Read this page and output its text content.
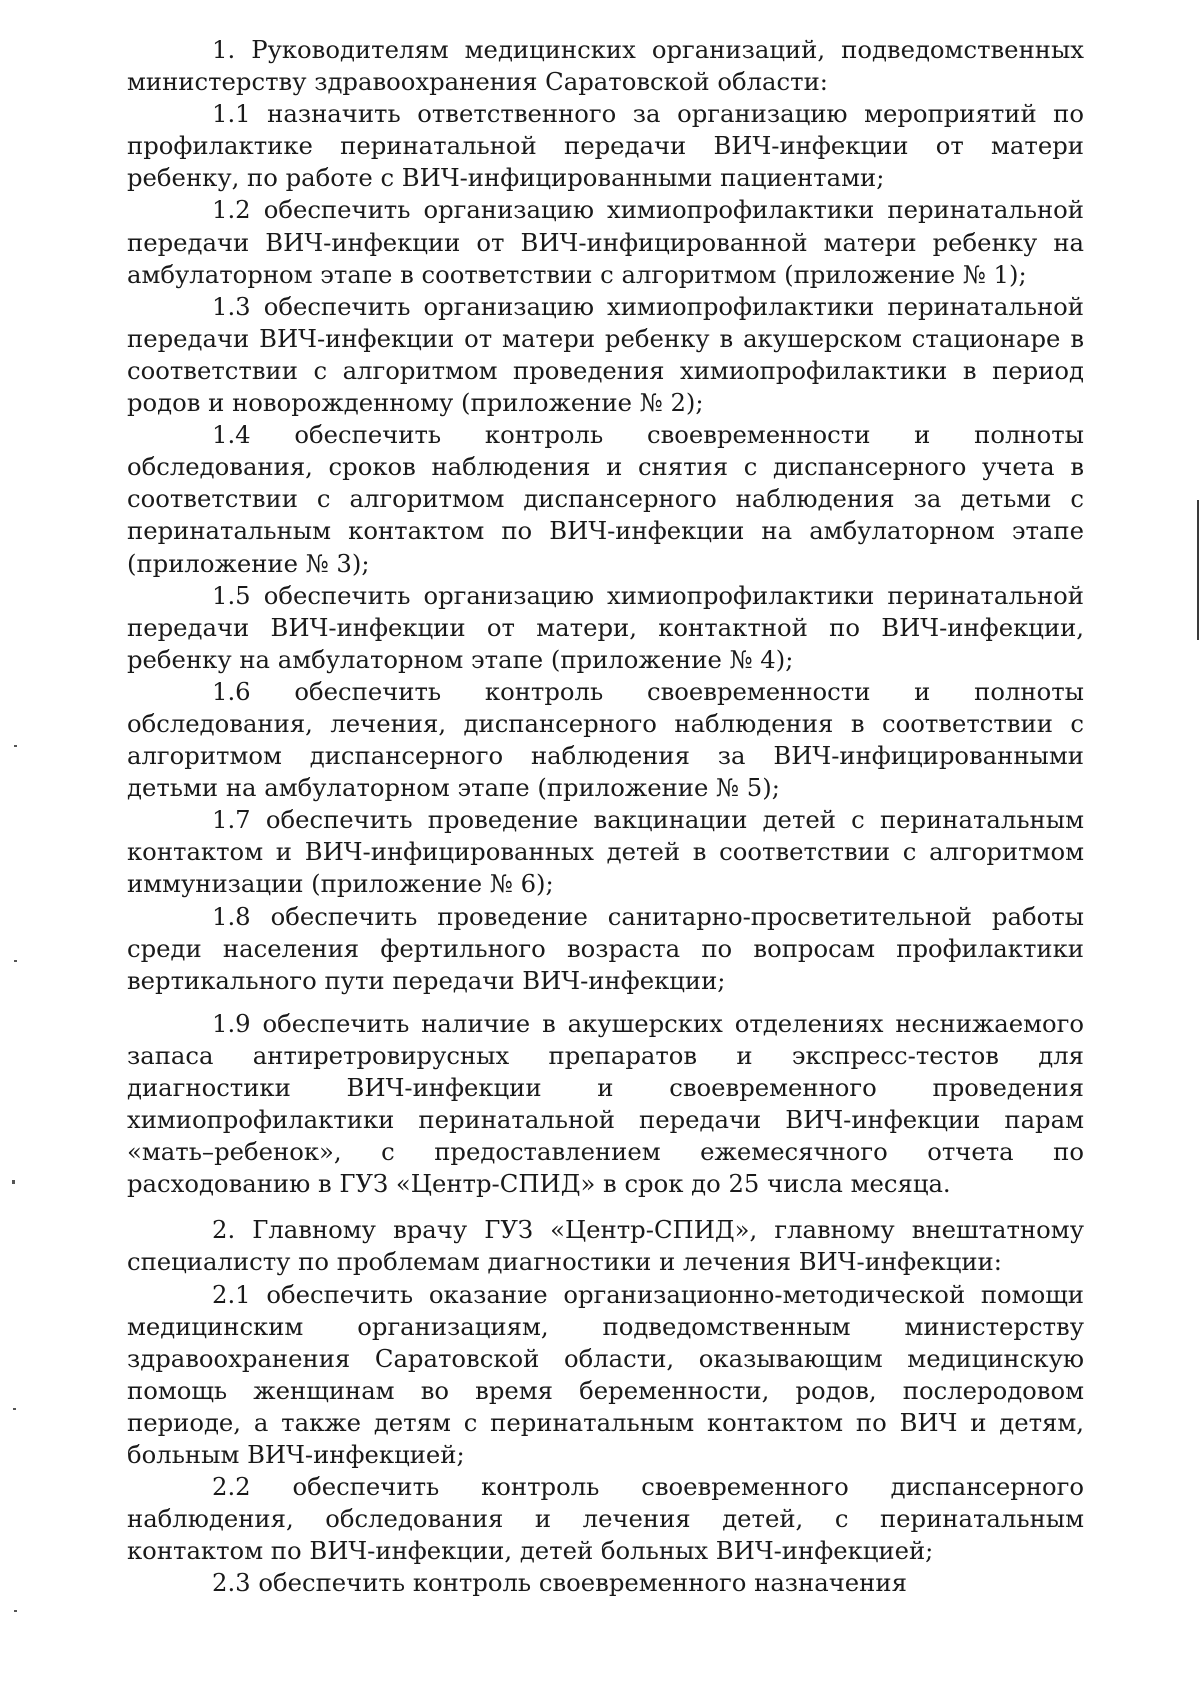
1. Руководителям медицинских организаций, подведомственных министерству здравоохранения Саратовской области:

1.1 назначить ответственного за организацию мероприятий по профилактике перинатальной передачи ВИЧ-инфекции от матери ребенку, по работе с ВИЧ-инфицированными пациентами;

1.2 обеспечить организацию химиопрофилактики перинатальной передачи ВИЧ-инфекции от ВИЧ-инфицированной матери ребенку на амбулаторном этапе в соответствии с алгоритмом (приложение № 1);

1.3 обеспечить организацию химиопрофилактики перинатальной передачи ВИЧ-инфекции от матери ребенку в акушерском стационаре в соответствии с алгоритмом проведения химиопрофилактики в период родов и новорожденному (приложение № 2);

1.4 обеспечить контроль своевременности и полноты обследования, сроков наблюдения и снятия с диспансерного учета в соответствии с алгоритмом диспансерного наблюдения за детьми с перинатальным контактом по ВИЧ-инфекции на амбулаторном этапе (приложение № 3);

1.5 обеспечить организацию химиопрофилактики перинатальной передачи ВИЧ-инфекции от матери, контактной по ВИЧ-инфекции, ребенку на амбулаторном этапе (приложение № 4);

1.6 обеспечить контроль своевременности и полноты обследования, лечения, диспансерного наблюдения в соответствии с алгоритмом диспансерного наблюдения за ВИЧ-инфицированными детьми на амбулаторном этапе (приложение № 5);

1.7 обеспечить проведение вакцинации детей с перинатальным контактом и ВИЧ-инфицированных детей в соответствии с алгоритмом иммунизации (приложение № 6);

1.8 обеспечить проведение санитарно-просветительной работы среди населения фертильного возраста по вопросам профилактики вертикального пути передачи ВИЧ-инфекции;

1.9 обеспечить наличие в акушерских отделениях неснижаемого запаса антиретровирусных препаратов и экспресс-тестов для диагностики ВИЧ-инфекции и своевременного проведения химиопрофилактики перинатальной передачи ВИЧ-инфекции парам «мать–ребенок», с предоставлением ежемесячного отчета по расходованию в ГУЗ «Центр-СПИД» в срок до 25 числа месяца.

2. Главному врачу ГУЗ «Центр-СПИД», главному внештатному специалисту по проблемам диагностики и лечения ВИЧ-инфекции:

2.1 обеспечить оказание организационно-методической помощи медицинским организациям, подведомственным министерству здравоохранения Саратовской области, оказывающим медицинскую помощь женщинам во время беременности, родов, послеродовом периоде, а также детям с перинатальным контактом по ВИЧ и детям, больным ВИЧ-инфекцией;

2.2 обеспечить контроль своевременного диспансерного наблюдения, обследования и лечения детей, с перинатальным контактом по ВИЧ-инфекции, детей больных ВИЧ-инфекцией;

2.3 обеспечить контроль своевременного назначения
